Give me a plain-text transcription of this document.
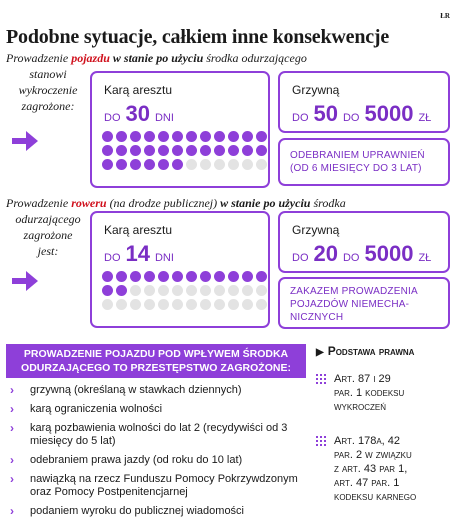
ŁR
Podobne sytuacje, całkiem inne konsekwencje
Prowadzenie pojazdu w stanie po użyciu środka odurzającego
stanowi
wykroczenie
zagrożone:
Karą aresztu
DO 30 DNI
Grzywną
DO 50 DO 5000 ZŁ
ODEBRANIEM UPRAWNIEŃ
(OD 6 MIESIĘCY DO 3 LAT)
Prowadzenie roweru (na drodze publicznej) w stanie po użyciu środka
odurzającego
zagrożone
jest:
Karą aresztu
DO 14 DNI
Grzywną
DO 20 DO 5000 ZŁ
ZAKAZEM PROWADZENIA
POJAZDÓW NIEMECHA-
NICZNYCH
PROWADZENIE POJAZDU POD WPŁYWEM ŚRODKA
ODURZAJĄCEGO TO PRZESTĘPSTWO ZAGROŻONE:
› grzywną (określaną w stawkach dziennych)
› karą ograniczenia wolności
› karą pozbawienia wolności do lat 2 (recydywiści od 3 miesięcy do 5 lat)
› odebraniem prawa jazdy (od roku do 10 lat)
› nawiązką na rzecz Funduszu Pomocy Pokrzywdzonym oraz Pomocy Postpenitencjarnej
› podaniem wyroku do publicznej wiadomości
▶ Podstawa prawna
Art. 87 i 29
par. 1 kodeksu
wykroczeń
Art. 178a, 42
par. 2 w związku
z art. 43 par 1,
art. 47 par. 1
kodeksu karnego
